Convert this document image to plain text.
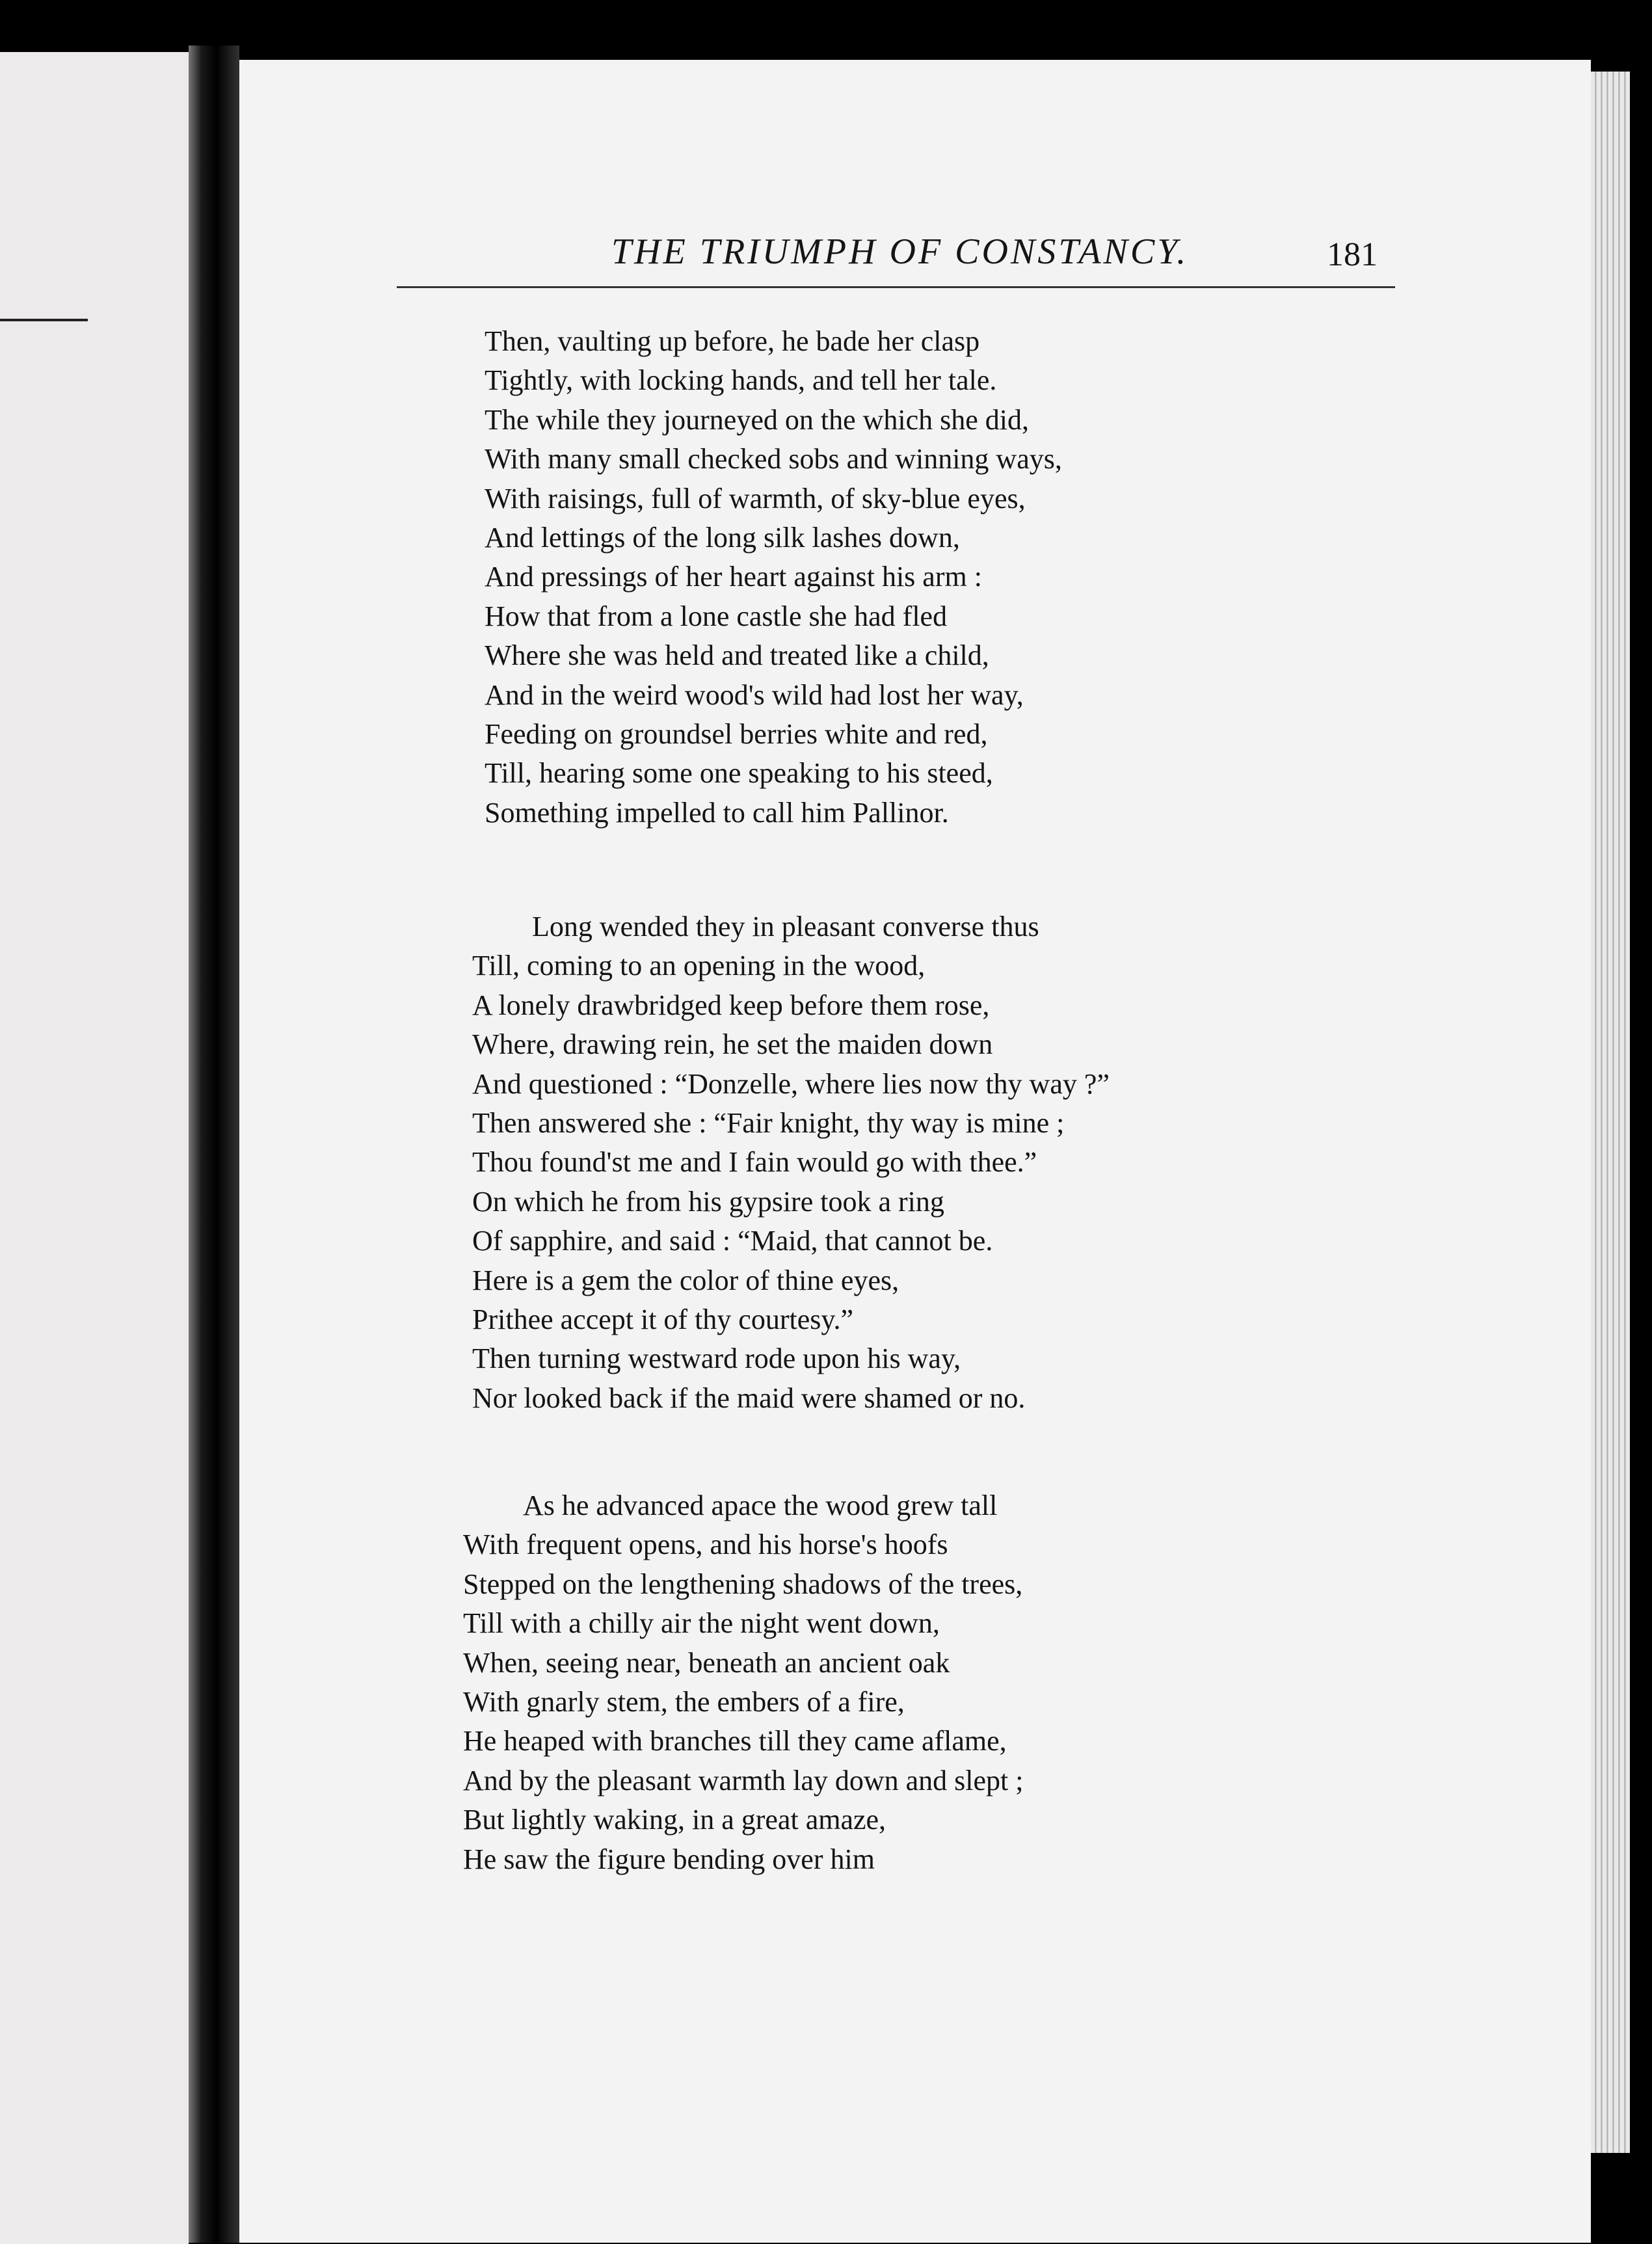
THE TRIUMPH OF CONSTANCY.	181
Then, vaulting up before, he bade her clasp
Tightly, with locking hands, and tell her tale.
The while they journeyed on the which she did,
With many small checked sobs and winning ways,
With raisings, full of warmth, of sky-blue eyes,
And lettings of the long silk lashes down,
And pressings of her heart against his arm :
How that from a lone castle she had fled
Where she was held and treated like a child,
And in the weird wood's wild had lost her way,
Feeding on groundsel berries white and red,
Till, hearing some one speaking to his steed,
Something impelled to call him Pallinor.
Long wended they in pleasant converse thus
Till, coming to an opening in the wood,
A lonely drawbridged keep before them rose,
Where, drawing rein, he set the maiden down
And questioned : “Donzelle, where lies now thy way ?”
Then answered she : “Fair knight, thy way is mine ;
Thou found'st me and I fain would go with thee.”
On which he from his gypsire took a ring
Of sapphire, and said : “Maid, that cannot be.
Here is a gem the color of thine eyes,
Prithee accept it of thy courtesy.”
Then turning westward rode upon his way,
Nor looked back if the maid were shamed or no.
As he advanced apace the wood grew tall
With frequent opens, and his horse's hoofs
Stepped on the lengthening shadows of the trees,
Till with a chilly air the night went down,
When, seeing near, beneath an ancient oak
With gnarly stem, the embers of a fire,
He heaped with branches till they came aflame,
And by the pleasant warmth lay down and slept ;
But lightly waking, in a great amaze,
He saw the figure bending over him
